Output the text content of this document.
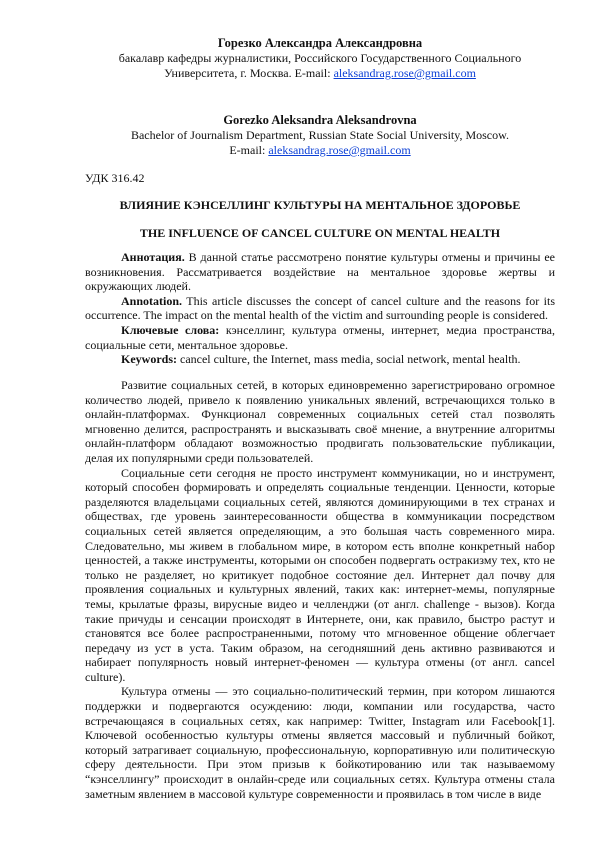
Горезко Александра Александровна
бакалавр кафедры журналистики, Российского Государственного Социального
Университета, г. Москва. E-mail: aleksandrag.rose@gmail.com
Gorezko Aleksandra Aleksandrovna
Bachelor of Journalism Department, Russian State Social University, Moscow.
E-mail: aleksandrag.rose@gmail.com
УДК 316.42
ВЛИЯНИЕ КЭНСЕЛЛИНГ КУЛЬТУРЫ НА МЕНТАЛЬНОЕ ЗДОРОВЬЕ
THE INFLUENCE OF CANCEL CULTURE ON MENTAL HEALTH

Аннотация. В данной статье рассмотрено понятие культуры отмены и причины ее возникновения. Рассматривается воздействие на ментальное здоровье жертвы и окружающих людей.

Annotation. This article discusses the concept of cancel culture and the reasons for its occurrence. The impact on the mental health of the victim and surrounding people is considered.

Ключевые слова: кэнселлинг, культура отмены, интернет, медиа пространства, социальные сети, ментальное здоровье.

Keywords: cancel culture, the Internet, mass media, social network, mental health.

Развитие социальных сетей, в которых единовременно зарегистрировано огромное количество людей, привело к появлению уникальных явлений, встречающихся только в онлайн-платформах. Функционал современных социальных сетей стал позволять мгновенно делится, распространять и высказывать своё мнение, а внутренние алгоритмы онлайн-платформ обладают возможностью продвигать пользовательские публикации, делая их популярными среди пользователей.

Социальные сети сегодня не просто инструмент коммуникации, но и инструмент, который способен формировать и определять социальные тенденции. Ценности, которые разделяются владельцами социальных сетей, являются доминирующими в тех странах и обществах, где уровень заинтересованности общества в коммуникации посредством социальных сетей является определяющим, а это большая часть современного мира. Следовательно, мы живем в глобальном мире, в котором есть вполне конкретный набор ценностей, а также инструменты, которыми он способен подвергать остракизму тех, кто не только не разделяет, но критикует подобное состояние дел. Интернет дал почву для проявления социальных и культурных явлений, таких как: интернет-мемы, популярные темы, крылатые фразы, вирусные видео и челленджи (от англ. challenge - вызов). Когда такие причуды и сенсации происходят в Интернете, они, как правило, быстро растут и становятся все более распространенными, потому что мгновенное общение облегчает передачу из уст в уста. Таким образом, на сегодняшний день активно развиваются и набирает популярность новый интернет-феномен — культура отмены (от англ. cancel culture).

Культура отмены — это социально-политический термин, при котором лишаются поддержки и подвергаются осуждению: люди, компании или государства, часто встречающаяся в социальных сетях, как например: Twitter, Instagram или Facebook[1]. Ключевой особенностью культуры отмены является массовый и публичный бойкот, который затрагивает социальную, профессиональную, корпоративную или политическую сферу деятельности. При этом призыв к бойкотированию или так называемому “кэнселлингу” происходит в онлайн-среде или социальных сетях. Культура отмены стала заметным явлением в массовой культуре современности и проявилась в том числе в виде
